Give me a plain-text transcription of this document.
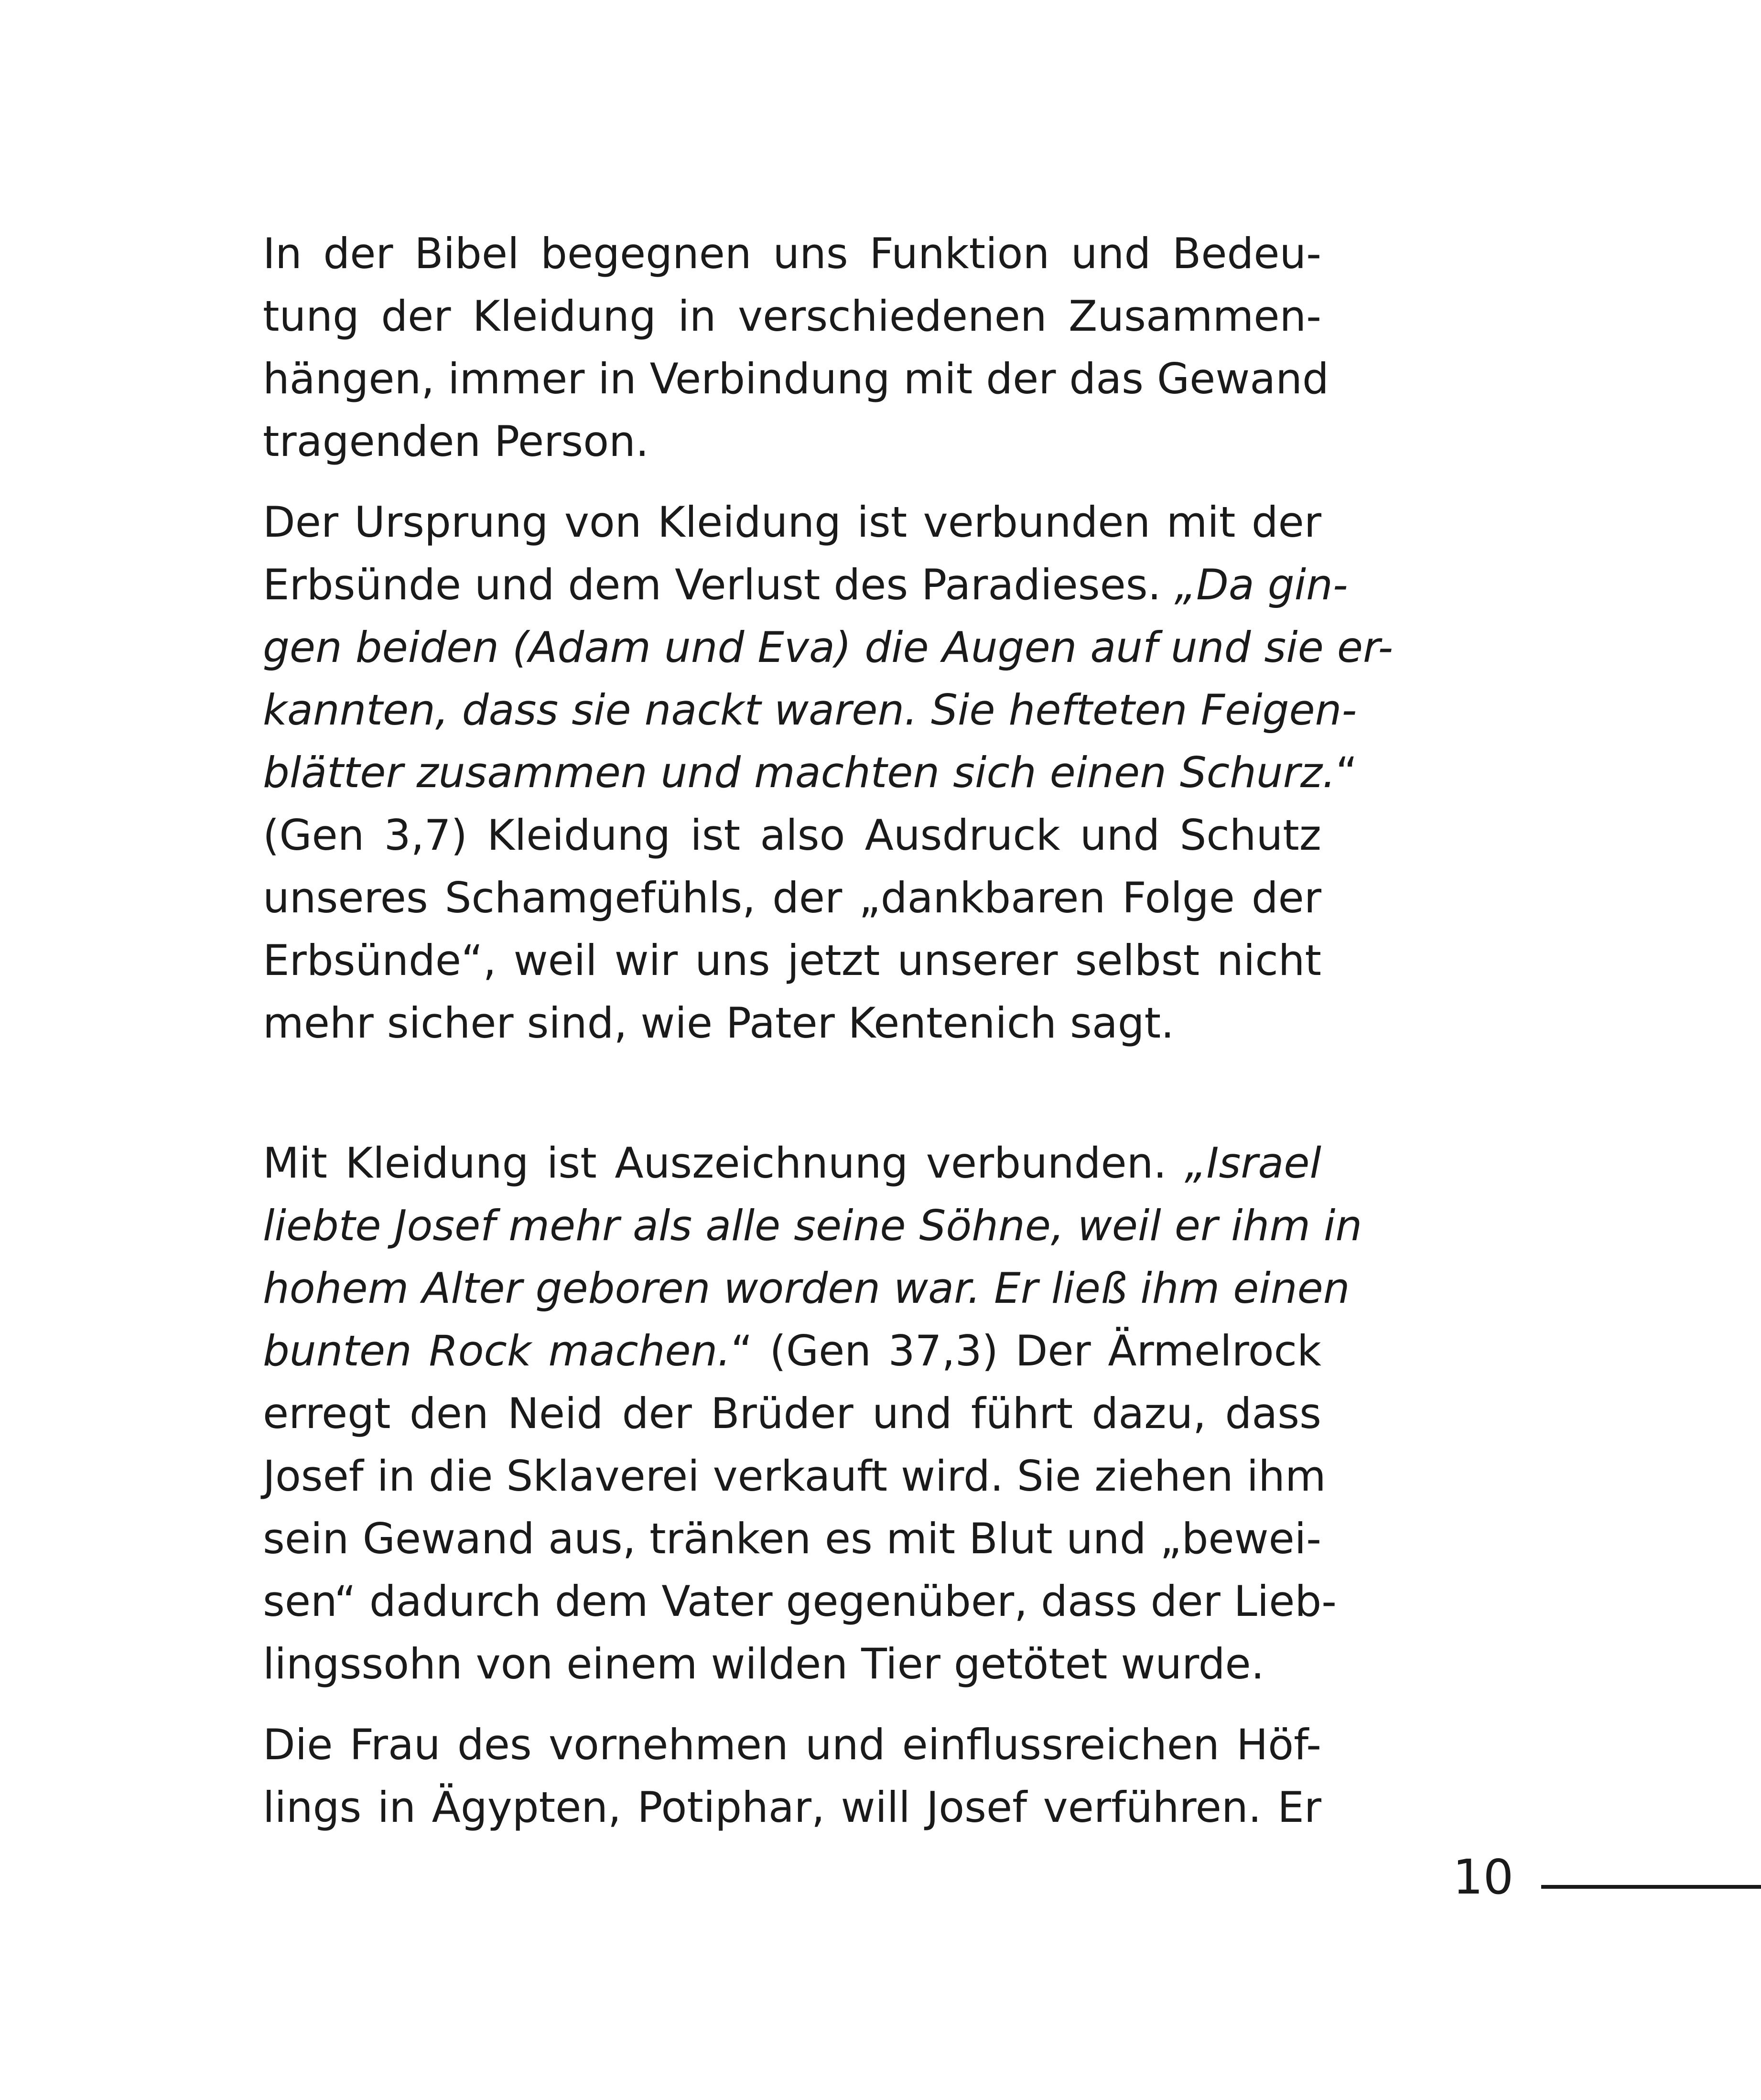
In der Bibel begegnen uns Funktion und Bedeu-
tung der Kleidung in verschiedenen Zusammen-
hängen, immer in Verbindung mit der das Gewand
tragenden Person.
Der Ursprung von Kleidung ist verbunden mit der
Erbsünde und dem Verlust des Paradieses. „Da gin-
gen beiden (Adam und Eva) die Augen auf und sie er-
kannten, dass sie nackt waren. Sie hefteten Feigen-
blätter zusammen und machten sich einen Schurz.“
(Gen 3,7) Kleidung ist also Ausdruck und Schutz
unseres Schamgefühls, der „dankbaren Folge der
Erbsünde“, weil wir uns jetzt unserer selbst nicht
mehr sicher sind, wie Pater Kentenich sagt.
Mit Kleidung ist Auszeichnung verbunden. „Israel
liebte Josef mehr als alle seine Söhne, weil er ihm in
hohem Alter geboren worden war. Er ließ ihm einen
bunten Rock machen.“ (Gen 37,3) Der Ärmelrock
erregt den Neid der Brüder und führt dazu, dass
Josef in die Sklaverei verkauft wird. Sie ziehen ihm
sein Gewand aus, tränken es mit Blut und „bewei-
sen“ dadurch dem Vater gegenüber, dass der Lieb-
lingssohn von einem wilden Tier getötet wurde.
Die Frau des vornehmen und einflussreichen Höf-
lings in Ägypten, Potiphar, will Josef verführen. Er
10
